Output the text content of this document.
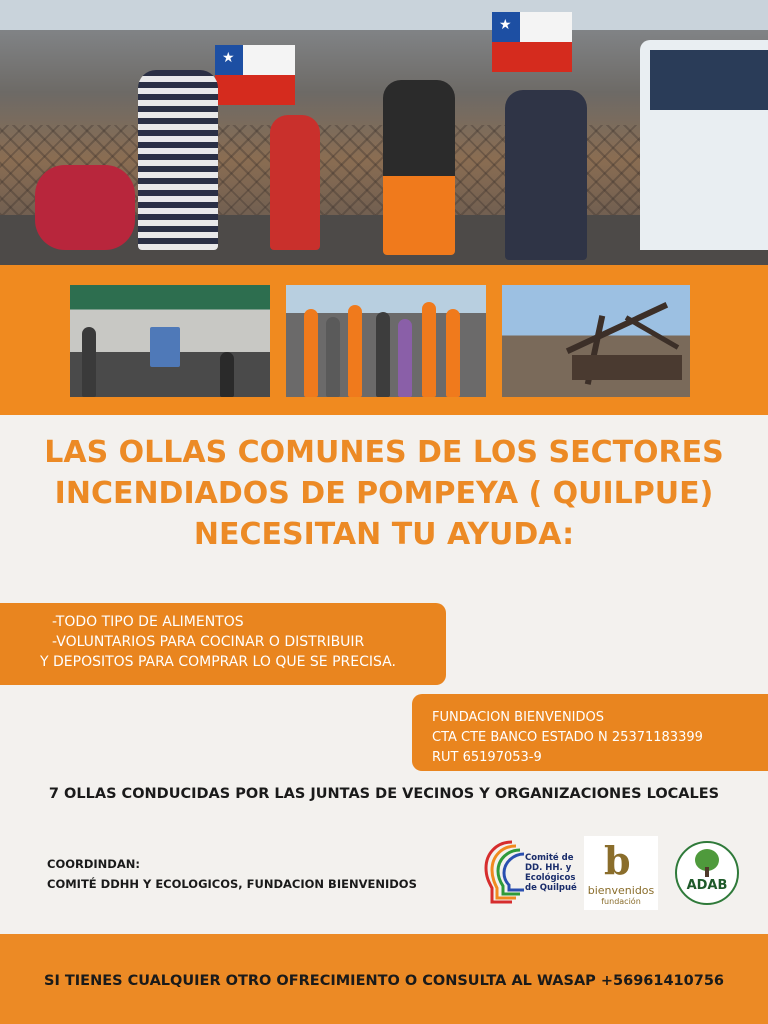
★
★
LAS OLLAS COMUNES DE LOS SECTORES
INCENDIADOS DE POMPEYA ( QUILPUE)
NECESITAN TU AYUDA:
-TODO TIPO DE ALIMENTOS
-VOLUNTARIOS PARA COCINAR O DISTRIBUIR
Y DEPOSITOS PARA COMPRAR LO QUE SE PRECISA.
FUNDACION BIENVENIDOS
CTA CTE BANCO ESTADO N 25371183399
RUT 65197053-9
7 OLLAS CONDUCIDAS POR LAS JUNTAS DE VECINOS Y ORGANIZACIONES LOCALES
COORDINDAN:
COMITÉ DDHH Y ECOLOGICOS, FUNDACION BIENVENIDOS
Comité de
DD. HH. y
Ecológicos
de Quilpué
b
bienvenidos
fundación
ADAB
SI TIENES CUALQUIER OTRO OFRECIMIENTO O CONSULTA AL WASAP +56961410756
